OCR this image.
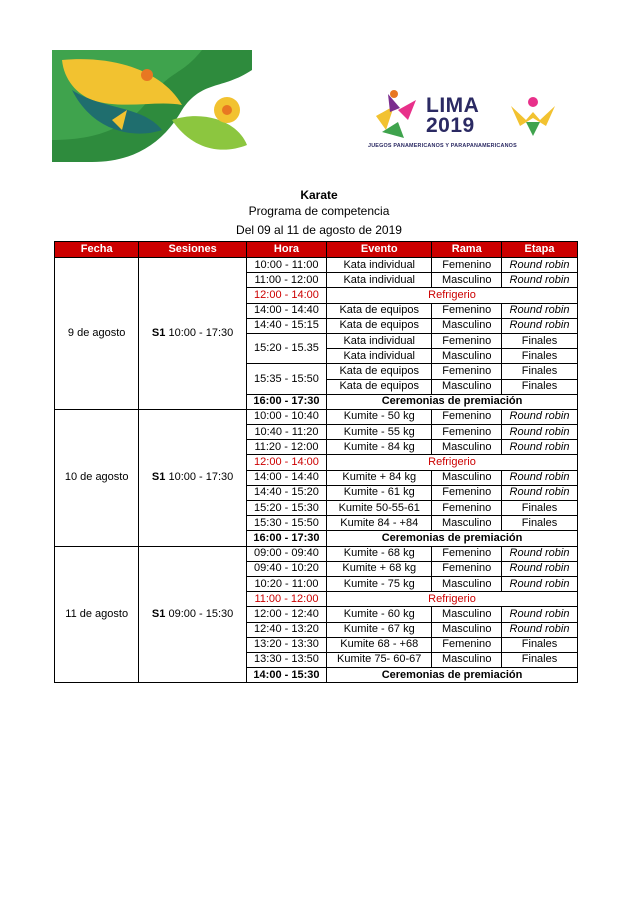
LIMA
2019
JUEGOS PANAMERICANOS Y PARAPANAMERICANOS
Karate
Programa de competencia
Del 09 al 11 de agosto de 2019
Fecha	Sesiones	Hora	Evento	Rama	Etapa
9 de agosto	S1 10:00 - 17:30	10:00 - 11:00	Kata individual	Femenino	Round robin
		11:00 - 12:00	Kata individual	Masculino	Round robin
		12:00 - 14:00	Refrigerio		
		14:00 - 14:40	Kata de equipos	Femenino	Round robin
		14:40 - 15:15	Kata de equipos	Masculino	Round robin
		15:20 - 15.35	Kata individual	Femenino	Finales
			Kata individual	Masculino	Finales
		15:35 - 15:50	Kata de equipos	Femenino	Finales
			Kata de equipos	Masculino	Finales
		16:00 - 17:30	Ceremonias de premiación		
10 de agosto	S1 10:00 - 17:30	10:00 - 10:40	Kumite - 50 kg	Femenino	Round robin
		10:40 - 11:20	Kumite - 55 kg	Femenino	Round robin
		11:20 - 12:00	Kumite - 84 kg	Masculino	Round robin
		12:00 - 14:00	Refrigerio		
		14:00 - 14:40	Kumite + 84 kg	Masculino	Round robin
		14:40 - 15:20	Kumite - 61 kg	Femenino	Round robin
		15:20 - 15:30	Kumite 50-55-61	Femenino	Finales
		15:30 - 15:50	Kumite 84 - +84	Masculino	Finales
		16:00 - 17:30	Ceremonias de premiación		
11 de agosto	S1 09:00 - 15:30	09:00 - 09:40	Kumite - 68 kg	Femenino	Round robin
		09:40 - 10:20	Kumite + 68 kg	Femenino	Round robin
		10:20 - 11:00	Kumite - 75 kg	Masculino	Round robin
		11:00 - 12:00	Refrigerio		
		12:00 - 12:40	Kumite - 60 kg	Masculino	Round robin
		12:40 - 13:20	Kumite - 67 kg	Masculino	Round robin
		13:20 - 13:30	Kumite 68 - +68	Femenino	Finales
		13:30 - 13:50	Kumite 75- 60-67	Masculino	Finales
		14:00 - 15:30	Ceremonias de premiación		
